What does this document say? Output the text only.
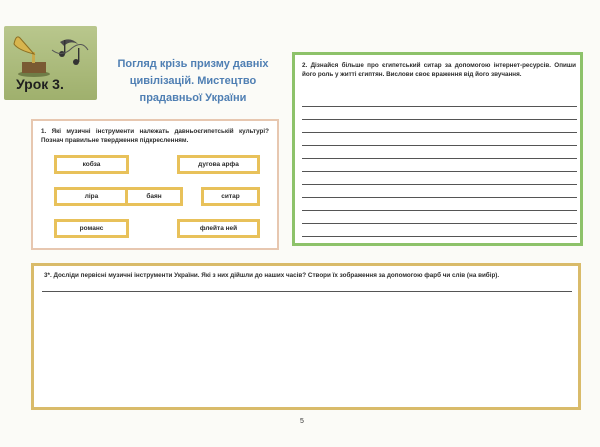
Урок 3.
Погляд крізь призму давніх
цивілізацій. Мистецтво
прадавньої України
1. Які музичні інструменти належать давньоєгипетській культурі? Познач правильне твердження підкресленням.
кобза	дугова арфа
ліра	баян	ситар
романс	флейта ней
2. Дізнайся більше про єгипетський ситар за допомогою інтернет-ресурсів. Опиши його роль у житті єгиптян. Вислови своє враження від його звучання.
3*. Досліди первісні музичні інструменти України. Які з них дійшли до наших часів? Створи їх зображення за допомогою фарб чи слів (на вибір).
5
